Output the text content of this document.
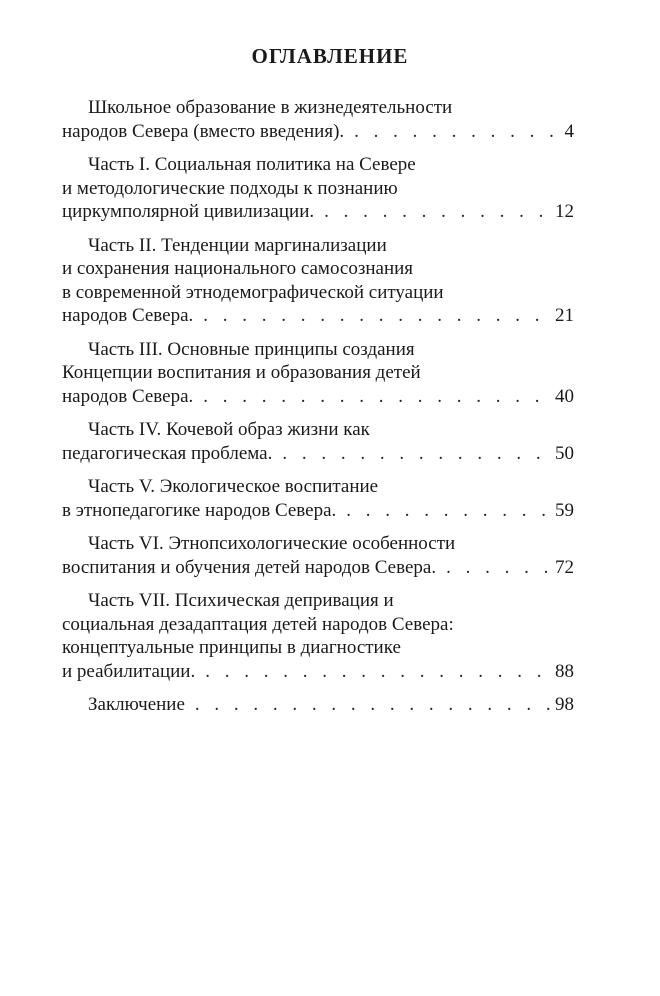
ОГЛАВЛЕНИЕ
Школьное образование в жизнедеятельности
народов Севера (вместо введения). . . .	4
Часть I. Социальная политика на Севере
и методологические подходы к познанию
циркумполярной цивилизации. . . .	12
Часть II. Тенденции маргинализации
и сохранения национального самосознания
в современной этнодемографической ситуации
народов Севера. . . .	21
Часть III. Основные принципы создания
Концепции воспитания и образования детей
народов Севера. . . .	40
Часть IV. Кочевой образ жизни как
педагогическая проблема. . . .	50
Часть V. Экологическое воспитание
в этнопедагогике народов Севера. . . .	59
Часть VI. Этнопсихологические особенности
воспитания и обучения детей народов Севера. . . .	72
Часть VII. Психическая депривация и
социальная дезадаптация детей народов Севера:
концептуальные принципы в диагностике
и реабилитации. . . .	88
Заключение . . .	98
